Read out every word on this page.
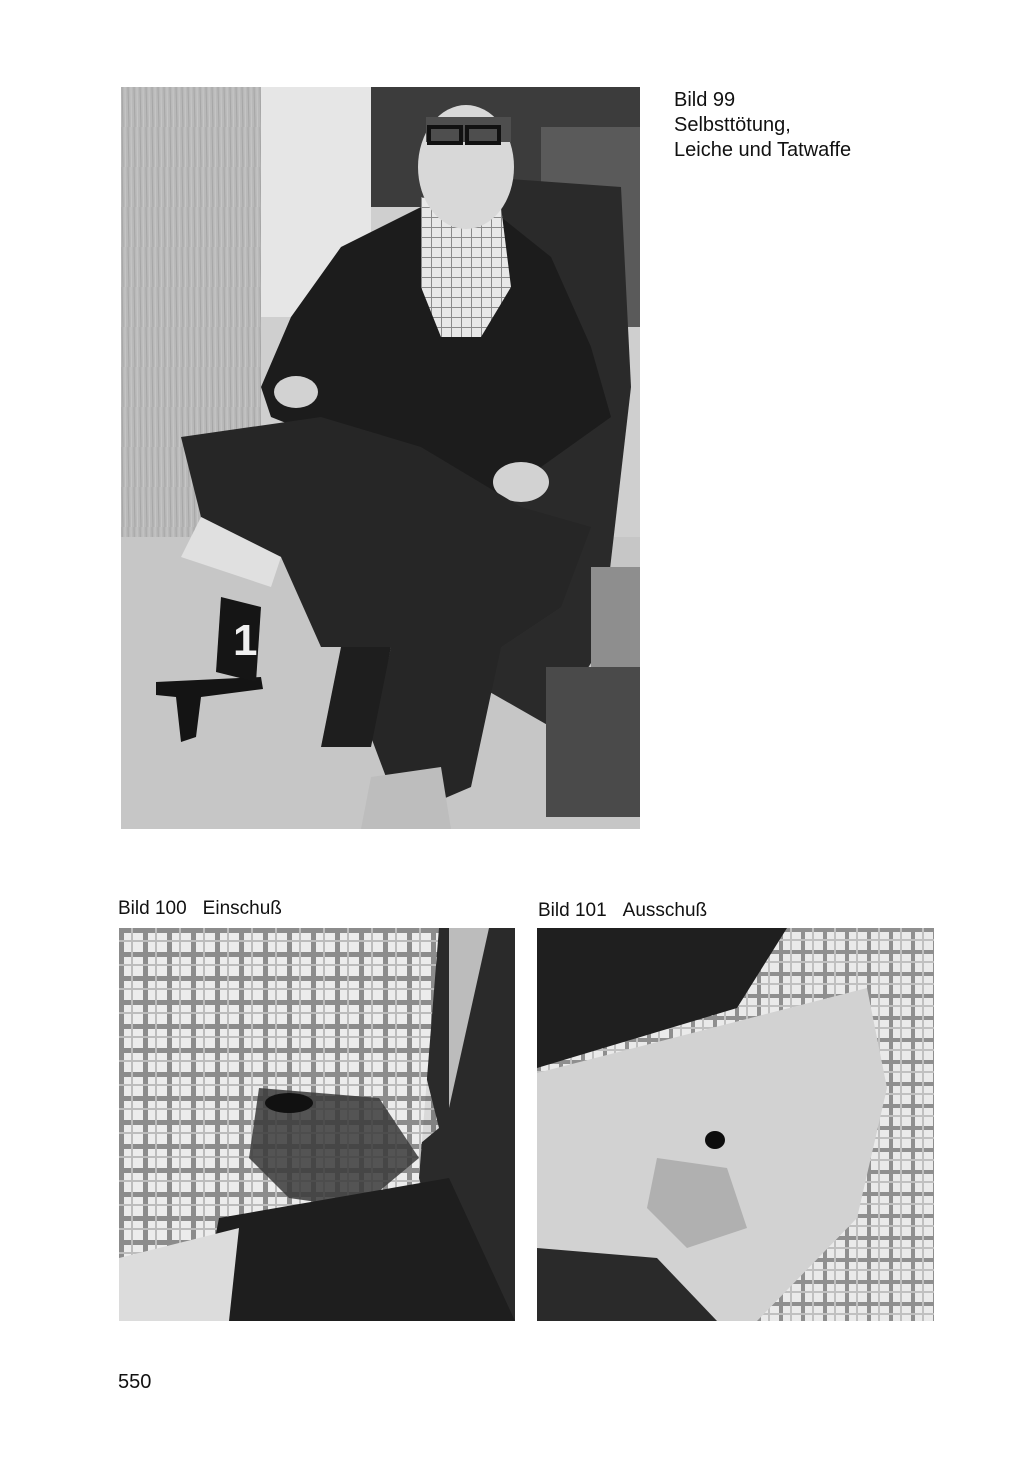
1
Bild 99
Selbsttötung,
Leiche und Tatwaffe
Bild 100 Einschuß	Bild 101 Ausschuß
550
